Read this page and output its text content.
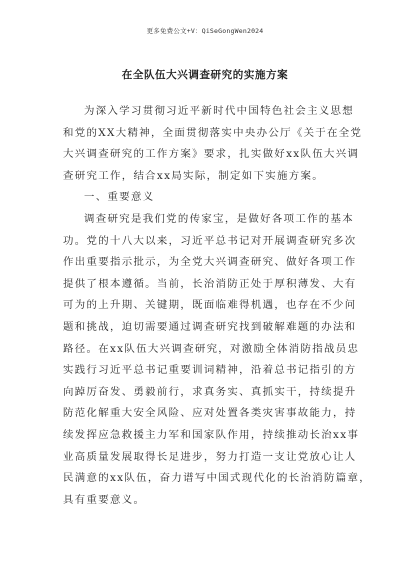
更多免费公文+V：QiSeGongWen2024
在全队伍大兴调查研究的实施方案
为深入学习贯彻习近平新时代中国特色社会主义思想
和党的XX大精神，全面贯彻落实中央办公厅《关于在全党
大兴调查研究的工作方案》要求，扎实做好xx队伍大兴调
查研究工作，结合xx局实际，制定如下实施方案。
一、重要意义
调查研究是我们党的传家宝，是做好各项工作的基本
功。党的十八大以来，习近平总书记对开展调查研究多次
作出重要指示批示，为全党大兴调查研究、做好各项工作
提供了根本遵循。当前，长治消防正处于厚积薄发、大有
可为的上升期、关键期，既面临难得机遇，也存在不少问
题和挑战，迫切需要通过调查研究找到破解难题的办法和
路径。在xx队伍大兴调查研究，对激励全体消防指战员忠
实践行习近平总书记重要训词精神，沿着总书记指引的方
向踔厉奋发、勇毅前行，求真务实、真抓实干，持续提升
防范化解重大安全风险、应对处置各类灾害事故能力，持
续发挥应急救援主力军和国家队作用，持续推动长治xx事
业高质量发展取得长足进步，努力打造一支让党放心让人
民满意的xx队伍，奋力谱写中国式现代化的长治消防篇章，
具有重要意义。
